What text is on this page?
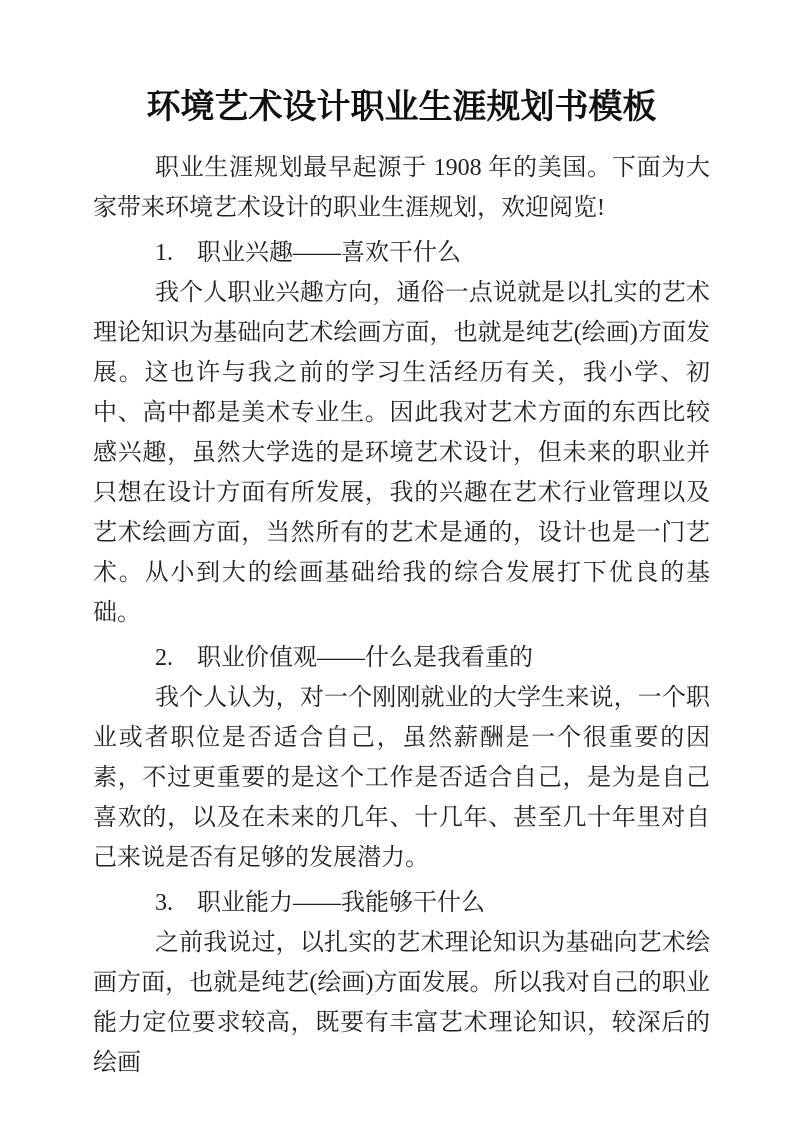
环境艺术设计职业生涯规划书模板

职业生涯规划最早起源于 1908 年的美国。下面为大家带来环境艺术设计的职业生涯规划，欢迎阅览!

1. 职业兴趣——喜欢干什么

我个人职业兴趣方向，通俗一点说就是以扎实的艺术理论知识为基础向艺术绘画方面，也就是纯艺(绘画)方面发展。这也许与我之前的学习生活经历有关，我小学、初中、高中都是美术专业生。因此我对艺术方面的东西比较感兴趣，虽然大学选的是环境艺术设计，但未来的职业并只想在设计方面有所发展，我的兴趣在艺术行业管理以及艺术绘画方面，当然所有的艺术是通的，设计也是一门艺术。从小到大的绘画基础给我的综合发展打下优良的基础。

2. 职业价值观——什么是我看重的

我个人认为，对一个刚刚就业的大学生来说，一个职业或者职位是否适合自己，虽然薪酬是一个很重要的因素，不过更重要的是这个工作是否适合自己，是为是自己喜欢的，以及在未来的几年、十几年、甚至几十年里对自己来说是否有足够的发展潜力。

3. 职业能力——我能够干什么

之前我说过，以扎实的艺术理论知识为基础向艺术绘画方面，也就是纯艺(绘画)方面发展。所以我对自己的职业能力定位要求较高，既要有丰富艺术理论知识，较深后的绘画
